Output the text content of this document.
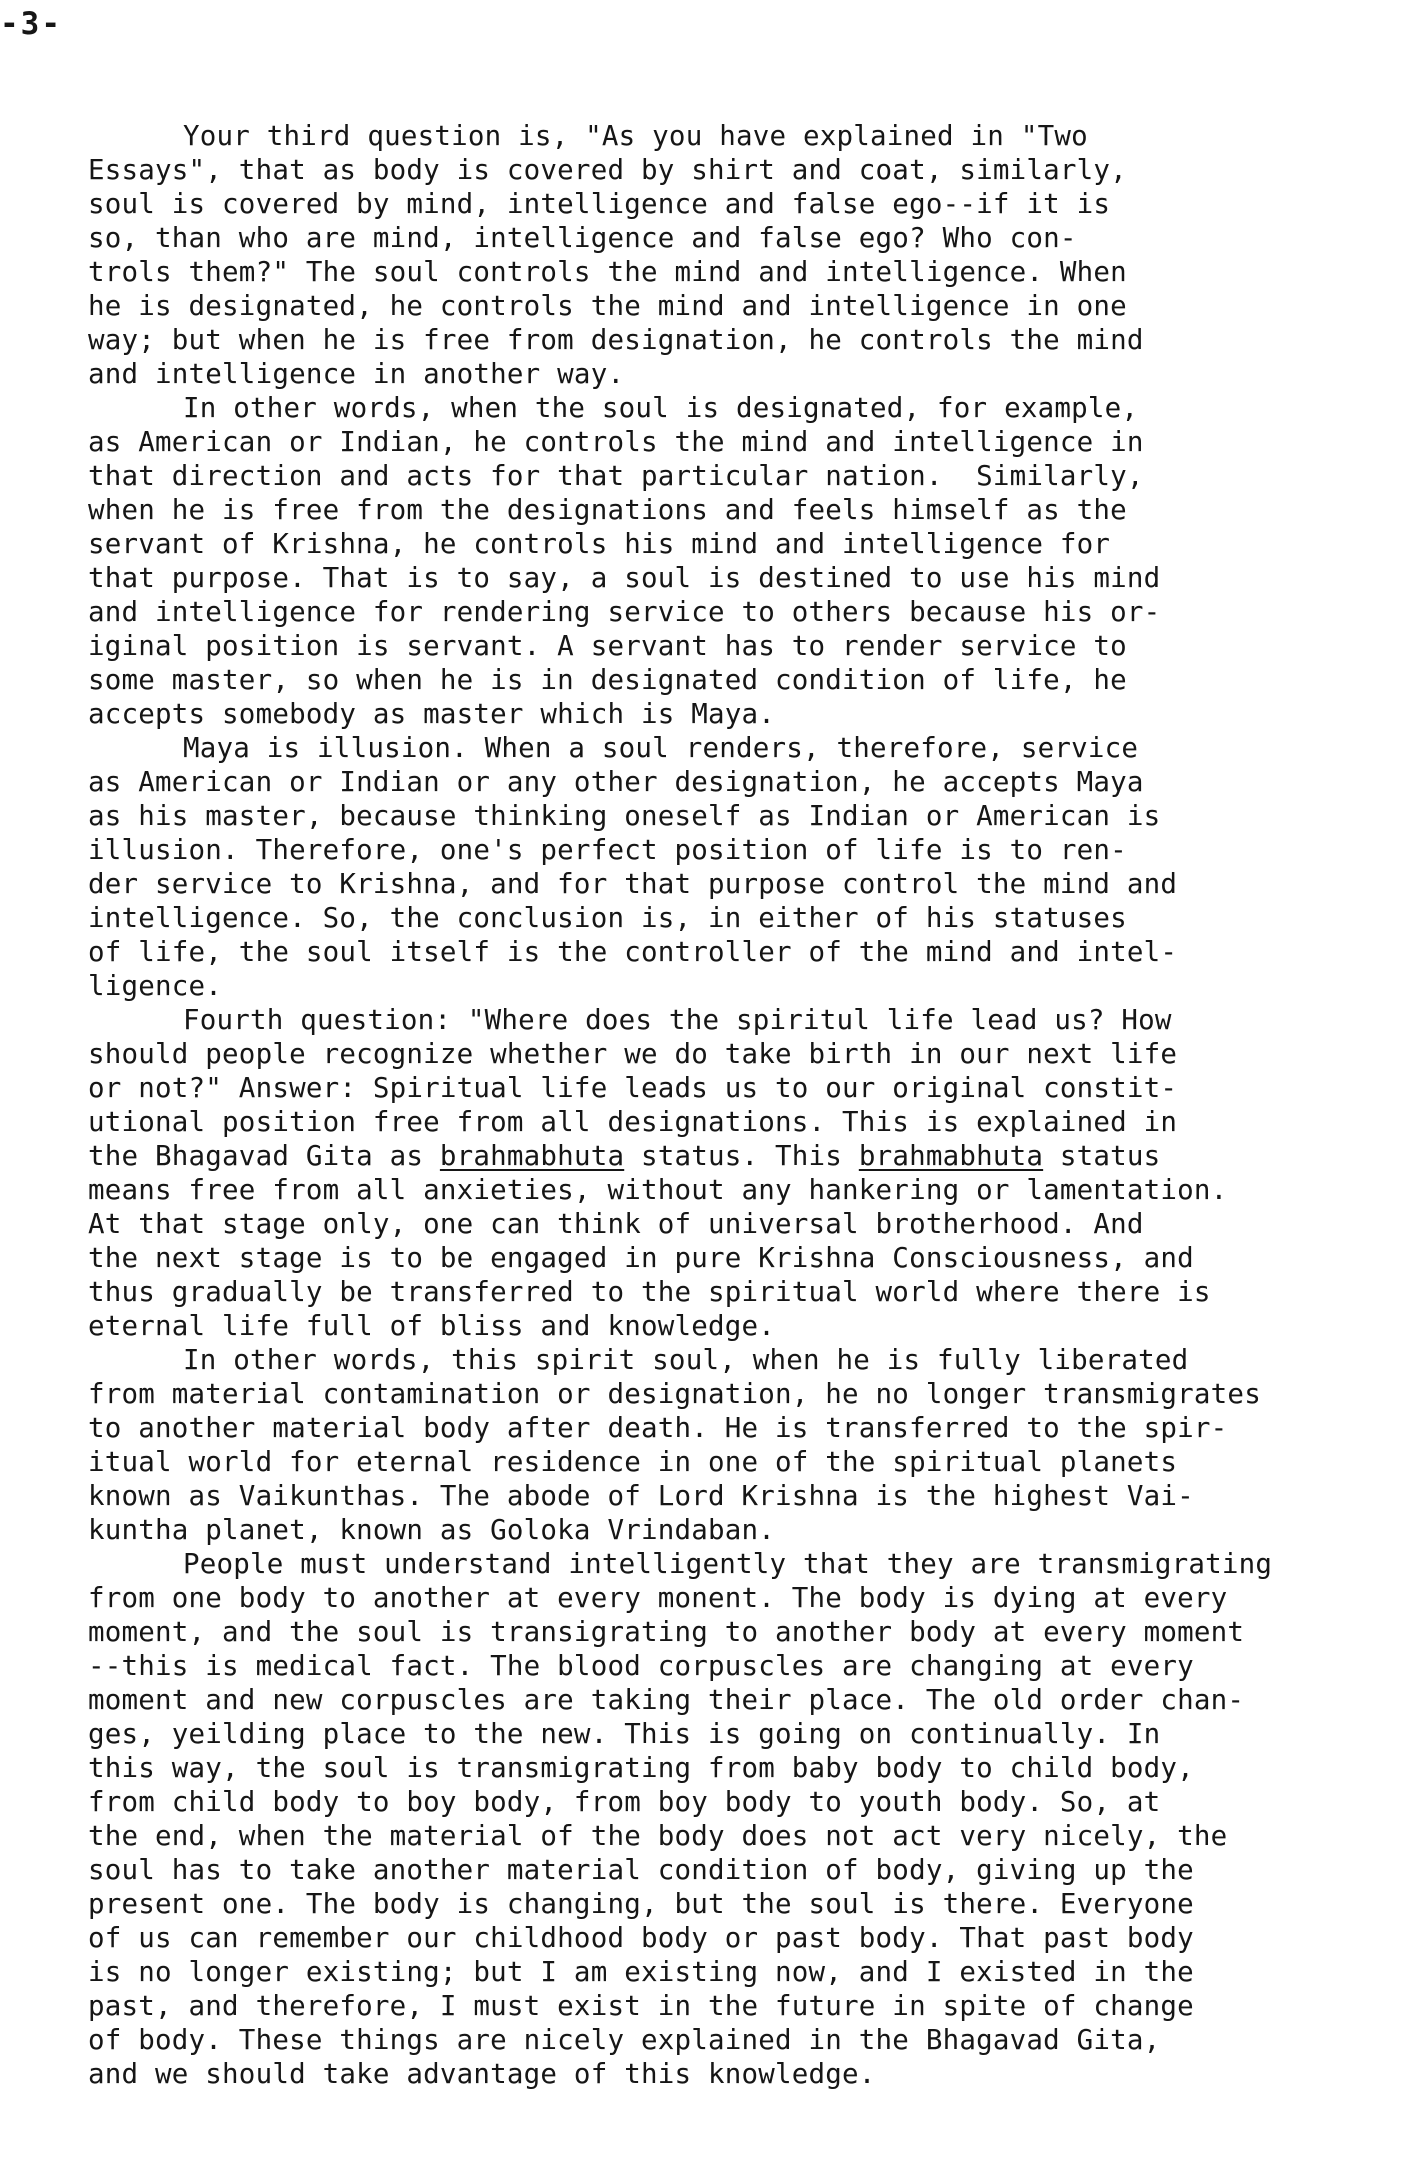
-3-
Your third question is, "As you have explained in "Two
Essays", that as body is covered by shirt and coat, similarly,
soul is covered by mind, intelligence and false ego--if it is
so, than who are mind, intelligence and false ego? Who con-
trols them?" The soul controls the mind and intelligence. When
he is designated, he controls the mind and intelligence in one
way; but when he is free from designation, he controls the mind
and intelligence in another way.
In other words, when the soul is designated, for example,
as American or Indian, he controls the mind and intelligence in
that direction and acts for that particular nation.  Similarly,
when he is free from the designations and feels himself as the
servant of Krishna, he controls his mind and intelligence for
that purpose. That is to say, a soul is destined to use his mind
and intelligence for rendering service to others because his or-
iginal position is servant. A servant has to render service to
some master, so when he is in designated condition of life, he
accepts somebody as master which is Maya.
Maya is illusion. When a soul renders, therefore, service
as American or Indian or any other designation, he accepts Maya
as his master, because thinking oneself as Indian or American is
illusion. Therefore, one's perfect position of life is to ren-
der service to Krishna, and for that purpose control the mind and
intelligence. So, the conclusion is, in either of his statuses
of life, the soul itself is the controller of the mind and intel-
ligence.
Fourth question: "Where does the spiritul life lead us? How
should people recognize whether we do take birth in our next life
or not?" Answer: Spiritual life leads us to our original constit-
utional position free from all designations. This is explained in
the Bhagavad Gita as brahmabhuta status. This brahmabhuta status
means free from all anxieties, without any hankering or lamentation.
At that stage only, one can think of universal brotherhood. And
the next stage is to be engaged in pure Krishna Consciousness, and
thus gradually be transferred to the spiritual world where there is
eternal life full of bliss and knowledge.
In other words, this spirit soul, when he is fully liberated
from material contamination or designation, he no longer transmigrates
to another material body after death. He is transferred to the spir-
itual world for eternal residence in one of the spiritual planets
known as Vaikunthas. The abode of Lord Krishna is the highest Vai-
kuntha planet, known as Goloka Vrindaban.
People must understand intelligently that they are transmigrating
from one body to another at every monent. The body is dying at every
moment, and the soul is transigrating to another body at every moment
--this is medical fact. The blood corpuscles are changing at every
moment and new corpuscles are taking their place. The old order chan-
ges, yeilding place to the new. This is going on continually. In
this way, the soul is transmigrating from baby body to child body,
from child body to boy body, from boy body to youth body. So, at
the end, when the material of the body does not act very nicely, the
soul has to take another material condition of body, giving up the
present one. The body is changing, but the soul is there. Everyone
of us can remember our childhood body or past body. That past body
is no longer existing; but I am existing now, and I existed in the
past, and therefore, I must exist in the future in spite of change
of body. These things are nicely explained in the Bhagavad Gita,
and we should take advantage of this knowledge.
